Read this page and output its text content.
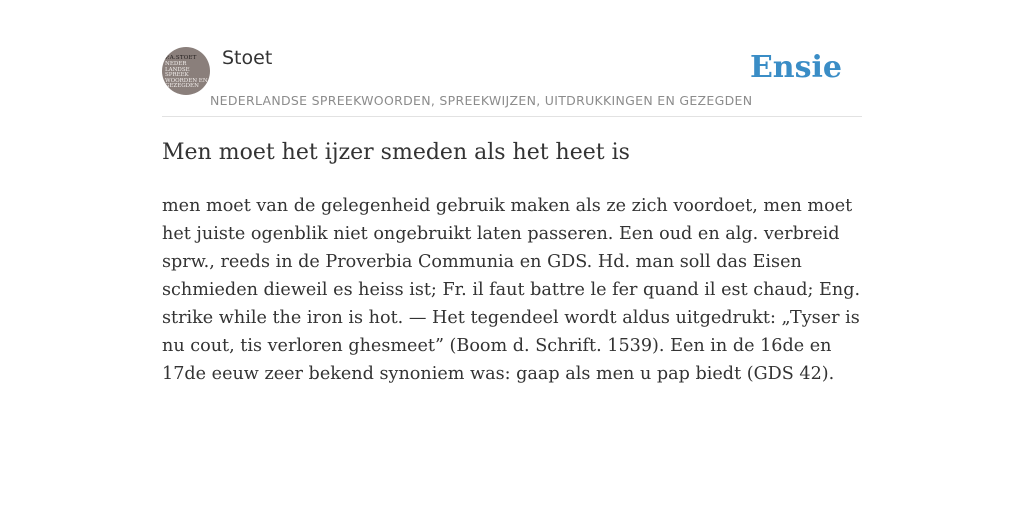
P.A.STOET
NEDER
LANDSE
SPREEK
WOORDEN EN
GEZEGDEN
Stoet
NEDERLANDSE SPREEKWOORDEN, SPREEKWIJZEN, UITDRUKKINGEN EN GEZEGDEN
Ensie
Men moet het ijzer smeden als het heet is

men moet van de gelegenheid gebruik maken als ze zich voordoet, men moet het juiste ogenblik niet ongebruikt laten passeren. Een oud en alg. verbreid sprw., reeds in de Proverbia Communia en GDS. Hd. man soll das Eisen schmieden dieweil es heiss ist; Fr. il faut battre le fer quand il est chaud; Eng. strike while the iron is hot. — Het tegendeel wordt aldus uitgedrukt: „Tyser is nu cout, tis verloren ghesmeet” (Boom d. Schrift. 1539). Een in de 16de en 17de eeuw zeer bekend synoniem was: gaap als men u pap biedt (GDS 42).
